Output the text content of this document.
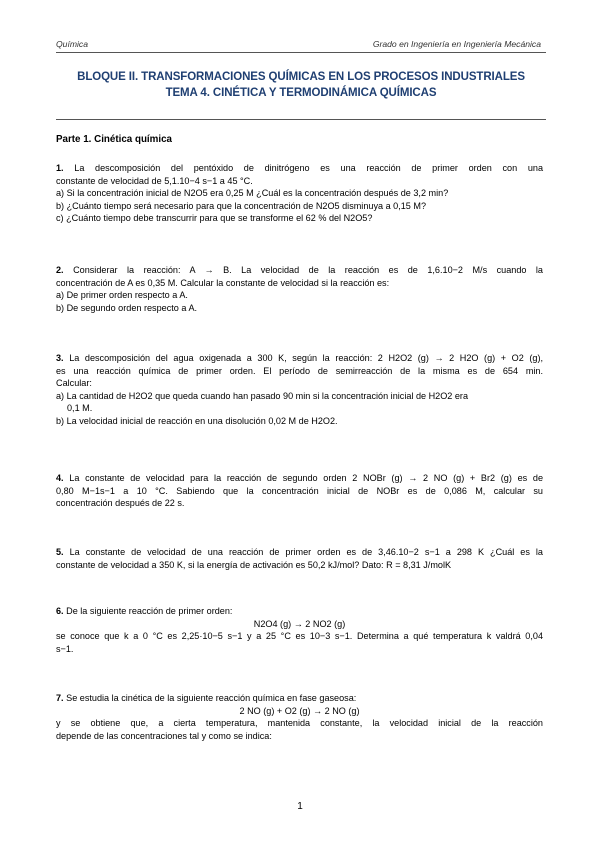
Química	Grado en Ingeniería en Ingeniería Mecánica
BLOQUE II. TRANSFORMACIONES QUÍMICAS EN LOS PROCESOS INDUSTRIALES
TEMA 4. CINÉTICA Y TERMODINÁMICA QUÍMICAS
Parte 1. Cinética química
1. La descomposición del pentóxido de dinitrógeno es una reacción de primer orden con una
constante de velocidad de 5,1.10−4 s−1 a 45 °C.
a) Si la concentración inicial de N2O5 era 0,25 M ¿Cuál es la concentración después de 3,2 min?
b) ¿Cuánto tiempo será necesario para que la concentración de N2O5 disminuya a 0,15 M?
c) ¿Cuánto tiempo debe transcurrir para que se transforme el 62 % del N2O5?
2. Considerar la reacción: A → B. La velocidad de la reacción es de 1,6.10−2 M/s cuando la
concentración de A es 0,35 M. Calcular la constante de velocidad si la reacción es:
a) De primer orden respecto a A.
b) De segundo orden respecto a A.
3. La descomposición del agua oxigenada a 300 K, según la reacción: 2 H2O2 (g) → 2 H2O (g) + O2 (g),
es una reacción química de primer orden. El período de semirreacción de la misma es de 654 min.
Calcular:
a) La cantidad de H2O2 que queda cuando han pasado 90 min si la concentración inicial de H2O2 era
0,1 M.
b) La velocidad inicial de reacción en una disolución 0,02 M de H2O2.
4. La constante de velocidad para la reacción de segundo orden 2 NOBr (g) → 2 NO (g) + Br2 (g) es de
0,80 M−1s−1 a 10 °C. Sabiendo que la concentración inicial de NOBr es de 0,086 M, calcular su
concentración después de 22 s.
5. La constante de velocidad de una reacción de primer orden es de 3,46.10−2 s−1 a 298 K ¿Cuál es la
constante de velocidad a 350 K, si la energía de activación es 50,2 kJ/mol? Dato: R = 8,31 J/molK
6. De la siguiente reacción de primer orden:
N2O4 (g) → 2 NO2 (g)
se conoce que k a 0 °C es 2,25·10−5 s−1 y a 25 °C es 10−3 s−1. Determina a qué temperatura k valdrá 0,04
s−1.
7. Se estudia la cinética de la siguiente reacción química en fase gaseosa:
2 NO (g) + O2 (g) → 2 NO (g)
y se obtiene que, a cierta temperatura, mantenida constante, la velocidad inicial de la reacción
depende de las concentraciones tal y como se indica:
1
